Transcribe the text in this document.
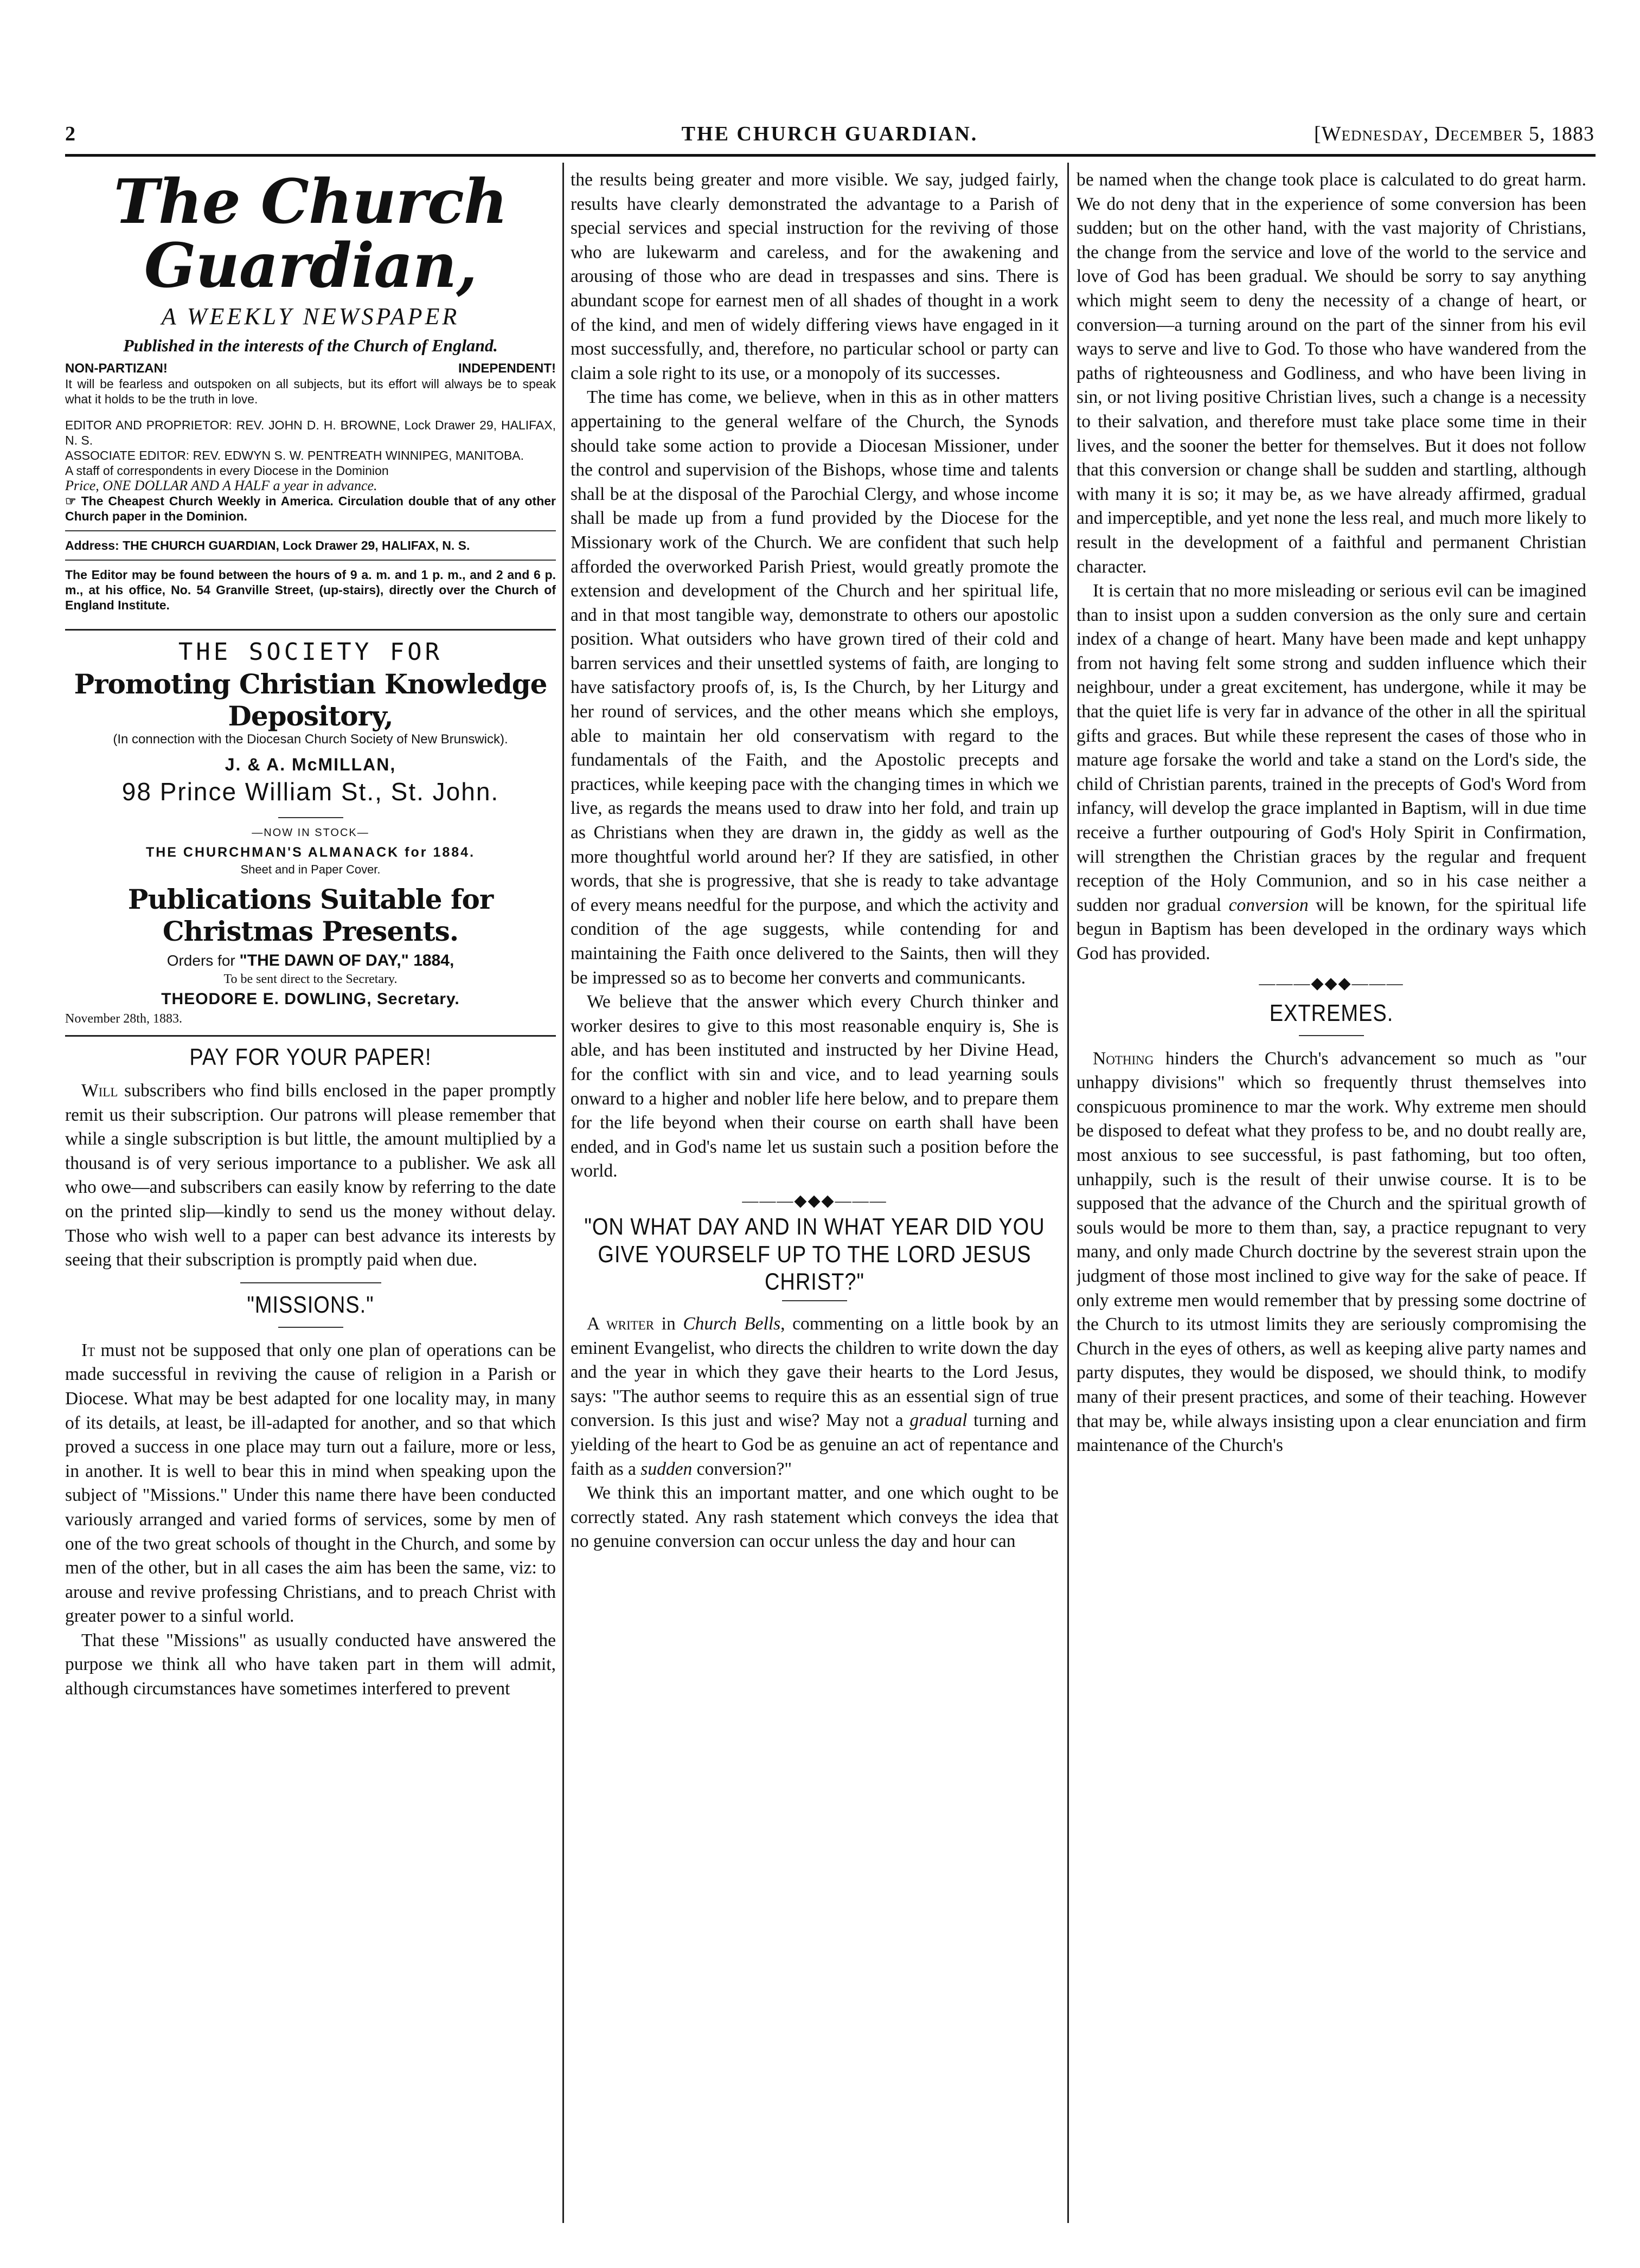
2	THE CHURCH GUARDIAN.	[Wednesday, December 5, 1883
The Church Guardian,
A WEEKLY NEWSPAPER
Published in the interests of the Church of England.
NON-PARTIZAN!	INDEPENDENT!
It will be fearless and outspoken on all subjects, but its effort will always be to speak what it holds to be the truth in love.
EDITOR AND PROPRIETOR: REV. JOHN D. H. BROWNE, Lock Drawer 29, HALIFAX, N. S.
ASSOCIATE EDITOR: REV. EDWYN S. W. PENTREATH WINNIPEG, MANITOBA.
A staff of correspondents in every Diocese in the Dominion
Price, ONE DOLLAR AND A HALF a year in advance.
☞ The Cheapest Church Weekly in America. Circulation double that of any other Church paper in the Dominion.
Address: THE CHURCH GUARDIAN, Lock Drawer 29, HALIFAX, N. S.
The Editor may be found between the hours of 9 a. m. and 1 p. m., and 2 and 6 p. m., at his office, No. 54 Granville Street, (up-stairs), directly over the Church of England Institute.
THE SOCIETY FOR
Promoting Christian Knowledge Depository,
(In connection with the Diocesan Church Society of New Brunswick).
J. & A. McMILLAN,
98 Prince William St., St. John.
—NOW IN STOCK—
THE CHURCHMAN'S ALMANACK for 1884.
Sheet and in Paper Cover.
Publications Suitable for Christmas Presents.
Orders for "THE DAWN OF DAY," 1884,
To be sent direct to the Secretary.
THEODORE E. DOWLING, Secretary.
November 28th, 1883.
PAY FOR YOUR PAPER!

Will subscribers who find bills enclosed in the paper promptly remit us their subscription. Our patrons will please remember that while a single subscription is but little, the amount multiplied by a thousand is of very serious importance to a publisher. We ask all who owe—and subscribers can easily know by referring to the date on the printed slip—kindly to send us the money without delay. Those who wish well to a paper can best advance its interests by seeing that their subscription is promptly paid when due.

"MISSIONS."

It must not be supposed that only one plan of operations can be made successful in reviving the cause of religion in a Parish or Diocese. What may be best adapted for one locality may, in many of its details, at least, be ill-adapted for another, and so that which proved a success in one place may turn out a failure, more or less, in another. It is well to bear this in mind when speaking upon the subject of "Missions." Under this name there have been conducted variously arranged and varied forms of services, some by men of one of the two great schools of thought in the Church, and some by men of the other, but in all cases the aim has been the same, viz: to arouse and revive professing Christians, and to preach Christ with greater power to a sinful world.

That these "Missions" as usually conducted have answered the purpose we think all who have taken part in them will admit, although circumstances have sometimes interfered to prevent

the results being greater and more visible. We say, judged fairly, results have clearly demonstrated the advantage to a Parish of special services and special instruction for the reviving of those who are lukewarm and careless, and for the awakening and arousing of those who are dead in trespasses and sins. There is abundant scope for earnest men of all shades of thought in a work of the kind, and men of widely differing views have engaged in it most successfully, and, therefore, no particular school or party can claim a sole right to its use, or a monopoly of its successes.

The time has come, we believe, when in this as in other matters appertaining to the general welfare of the Church, the Synods should take some action to provide a Diocesan Missioner, under the control and supervision of the Bishops, whose time and talents shall be at the disposal of the Parochial Clergy, and whose income shall be made up from a fund provided by the Diocese for the Missionary work of the Church. We are confident that such help afforded the overworked Parish Priest, would greatly promote the extension and development of the Church and her spiritual life, and in that most tangible way, demonstrate to others our apostolic position. What outsiders who have grown tired of their cold and barren services and their unsettled systems of faith, are longing to have satisfactory proofs of, is, Is the Church, by her Liturgy and her round of services, and the other means which she employs, able to maintain her old conservatism with regard to the fundamentals of the Faith, and the Apostolic precepts and practices, while keeping pace with the changing times in which we live, as regards the means used to draw into her fold, and train up as Christians when they are drawn in, the giddy as well as the more thoughtful world around her? If they are satisfied, in other words, that she is progressive, that she is ready to take advantage of every means needful for the purpose, and which the activity and condition of the age suggests, while contending for and maintaining the Faith once delivered to the Saints, then will they be impressed so as to become her converts and communicants.

We believe that the answer which every Church thinker and worker desires to give to this most reasonable enquiry is, She is able, and has been instituted and instructed by her Divine Head, for the conflict with sin and vice, and to lead yearning souls onward to a higher and nobler life here below, and to prepare them for the life beyond when their course on earth shall have been ended, and in God's name let us sustain such a position before the world.

———◆◆◆———
"ON WHAT DAY AND IN WHAT YEAR DID YOU GIVE YOURSELF UP TO THE LORD JESUS CHRIST?"

A writer in Church Bells, commenting on a little book by an eminent Evangelist, who directs the children to write down the day and the year in which they gave their hearts to the Lord Jesus, says: "The author seems to require this as an essential sign of true conversion. Is this just and wise? May not a gradual turning and yielding of the heart to God be as genuine an act of repentance and faith as a sudden conversion?"

We think this an important matter, and one which ought to be correctly stated. Any rash statement which conveys the idea that no genuine conversion can occur unless the day and hour can

be named when the change took place is calculated to do great harm. We do not deny that in the experience of some conversion has been sudden; but on the other hand, with the vast majority of Christians, the change from the service and love of the world to the service and love of God has been gradual. We should be sorry to say anything which might seem to deny the necessity of a change of heart, or conversion—a turning around on the part of the sinner from his evil ways to serve and live to God. To those who have wandered from the paths of righteousness and Godliness, and who have been living in sin, or not living positive Christian lives, such a change is a necessity to their salvation, and therefore must take place some time in their lives, and the sooner the better for themselves. But it does not follow that this conversion or change shall be sudden and startling, although with many it is so; it may be, as we have already affirmed, gradual and imperceptible, and yet none the less real, and much more likely to result in the development of a faithful and permanent Christian character.

It is certain that no more misleading or serious evil can be imagined than to insist upon a sudden conversion as the only sure and certain index of a change of heart. Many have been made and kept unhappy from not having felt some strong and sudden influence which their neighbour, under a great excitement, has undergone, while it may be that the quiet life is very far in advance of the other in all the spiritual gifts and graces. But while these represent the cases of those who in mature age forsake the world and take a stand on the Lord's side, the child of Christian parents, trained in the precepts of God's Word from infancy, will develop the grace implanted in Baptism, will in due time receive a further outpouring of God's Holy Spirit in Confirmation, will strengthen the Christian graces by the regular and frequent reception of the Holy Communion, and so in his case neither a sudden nor gradual conversion will be known, for the spiritual life begun in Baptism has been developed in the ordinary ways which God has provided.

———◆◆◆———
EXTREMES.

Nothing hinders the Church's advancement so much as "our unhappy divisions" which so frequently thrust themselves into conspicuous prominence to mar the work. Why extreme men should be disposed to defeat what they profess to be, and no doubt really are, most anxious to see successful, is past fathoming, but too often, unhappily, such is the result of their unwise course. It is to be supposed that the advance of the Church and the spiritual growth of souls would be more to them than, say, a practice repugnant to very many, and only made Church doctrine by the severest strain upon the judgment of those most inclined to give way for the sake of peace. If only extreme men would remember that by pressing some doctrine of the Church to its utmost limits they are seriously compromising the Church in the eyes of others, as well as keeping alive party names and party disputes, they would be disposed, we should think, to modify many of their present practices, and some of their teaching. However that may be, while always insisting upon a clear enunciation and firm maintenance of the Church's
